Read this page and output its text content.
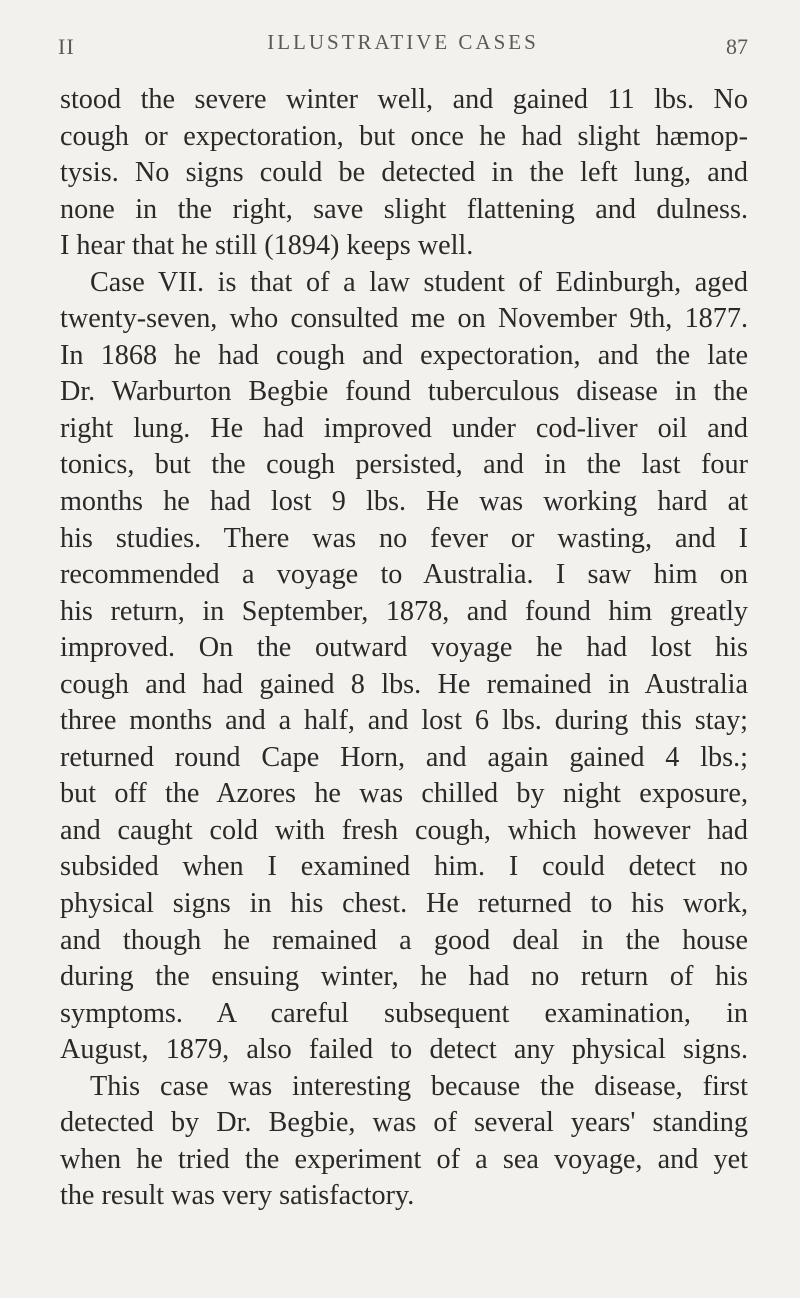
II	ILLUSTRATIVE CASES	87
stood the severe winter well, and gained 11 lbs. No
cough or expectoration, but once he had slight hæmop-
tysis. No signs could be detected in the left lung, and
none in the right, save slight flattening and dulness.
I hear that he still (1894) keeps well.
Case VII. is that of a law student of Edinburgh, aged
twenty-seven, who consulted me on November 9th, 1877.
In 1868 he had cough and expectoration, and the late
Dr. Warburton Begbie found tuberculous disease in the
right lung. He had improved under cod-liver oil and
tonics, but the cough persisted, and in the last four
months he had lost 9 lbs. He was working hard at
his studies. There was no fever or wasting, and I
recommended a voyage to Australia. I saw him on
his return, in September, 1878, and found him greatly
improved. On the outward voyage he had lost his
cough and had gained 8 lbs. He remained in Australia
three months and a half, and lost 6 lbs. during this stay;
returned round Cape Horn, and again gained 4 lbs.;
but off the Azores he was chilled by night exposure,
and caught cold with fresh cough, which however had
subsided when I examined him. I could detect no
physical signs in his chest. He returned to his work,
and though he remained a good deal in the house
during the ensuing winter, he had no return of his
symptoms. A careful subsequent examination, in
August, 1879, also failed to detect any physical signs.
This case was interesting because the disease, first
detected by Dr. Begbie, was of several years' standing
when he tried the experiment of a sea voyage, and yet
the result was very satisfactory.
